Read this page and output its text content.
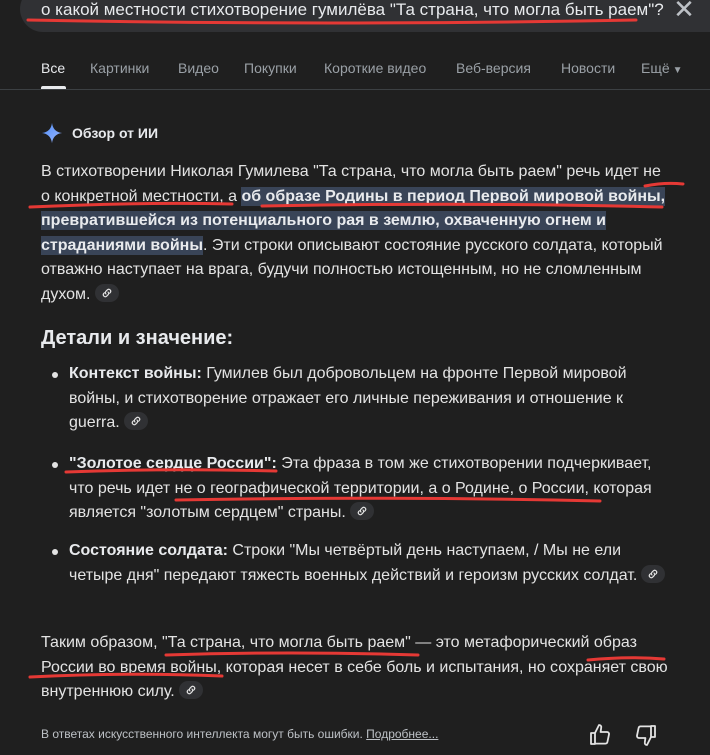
о какой местности стихотворение гумилёва "Та страна, что могла быть раем"? ✕
Все Картинки Видео Покупки Короткие видео Веб-версия Новости Ещё ▼
Обзор от ИИ
В стихотворении Николая Гумилева "Та страна, что могла быть раем" речь идет не о конкретной местности, а об образе Родины в период Первой мировой войны, превратившейся из потенциального рая в землю, охваченную огнем и страданиями войны. Эти строки описывают состояние русского солдата, который отважно наступает на врага, будучи полностью истощенным, но не сломленным духом.
Детали и значение:
Контекст войны: Гумилев был добровольцем на фронте Первой мировой войны, и стихотворение отражает его личные переживания и отношение к guerra.
"Золотое сердце России": Эта фраза в том же стихотворении подчеркивает, что речь идет не о географической территории, а о Родине, о России, которая является "золотым сердцем" страны.
Состояние солдата: Строки "Мы четвёртый день наступаем, / Мы не ели четыре дня" передают тяжесть военных действий и героизм русских солдат.
Таким образом, "Та страна, что могла быть раем" — это метафорический образ России во время войны, которая несет в себе боль и испытания, но сохраняет свою внутреннюю силу.
В ответах искусственного интеллекта могут быть ошибки. Подробнее...
